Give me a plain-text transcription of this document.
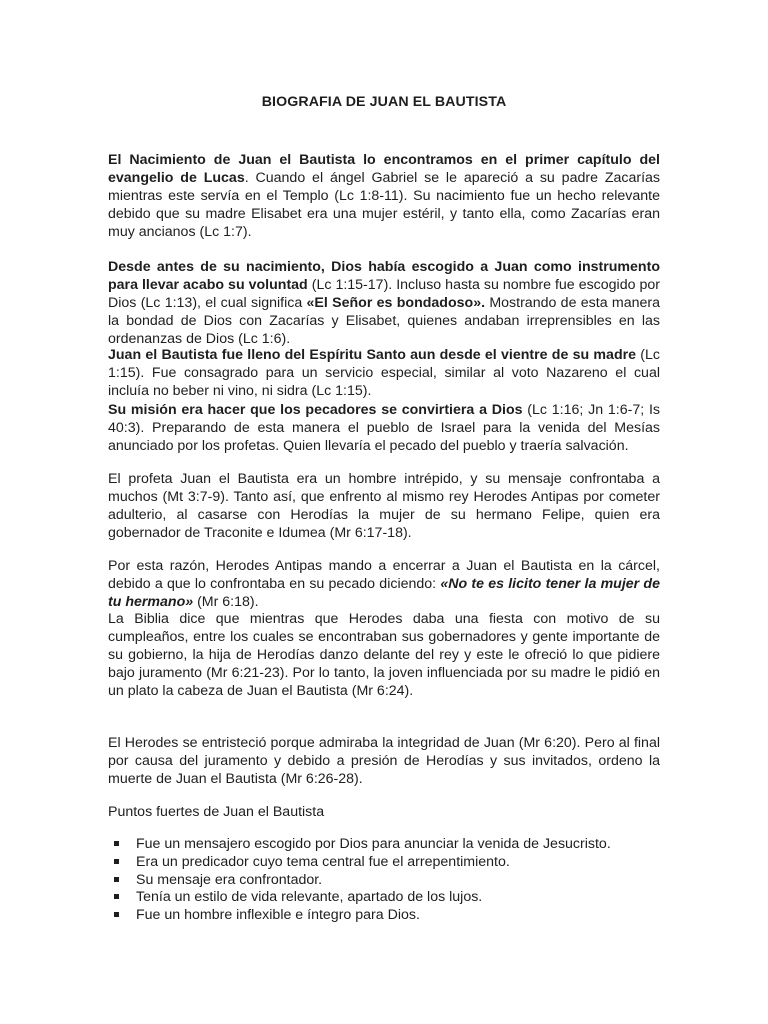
BIOGRAFIA DE JUAN EL BAUTISTA

El Nacimiento de Juan el Bautista lo encontramos en el primer capítulo del evangelio de Lucas. Cuando el ángel Gabriel se le apareció a su padre Zacarías mientras este servía en el Templo (Lc 1:8-11). Su nacimiento fue un hecho relevante debido que su madre Elisabet era una mujer estéril, y tanto ella, como Zacarías eran muy ancianos (Lc 1:7).

Desde antes de su nacimiento, Dios había escogido a Juan como instrumento para llevar acabo su voluntad (Lc 1:15-17). Incluso hasta su nombre fue escogido por Dios (Lc 1:13), el cual significa «El Señor es bondadoso». Mostrando de esta manera la bondad de Dios con Zacarías y Elisabet, quienes andaban irreprensibles en las ordenanzas de Dios (Lc 1:6).

Juan el Bautista fue lleno del Espíritu Santo aun desde el vientre de su madre (Lc 1:15). Fue consagrado para un servicio especial, similar al voto Nazareno el cual incluía no beber ni vino, ni sidra (Lc 1:15).

Su misión era hacer que los pecadores se convirtiera a Dios (Lc 1:16; Jn 1:6-7; Is 40:3). Preparando de esta manera el pueblo de Israel para la venida del Mesías anunciado por los profetas. Quien llevaría el pecado del pueblo y traería salvación.

El profeta Juan el Bautista era un hombre intrépido, y su mensaje confrontaba a muchos (Mt 3:7-9). Tanto así, que enfrento al mismo rey Herodes Antipas por cometer adulterio, al casarse con Herodías la mujer de su hermano Felipe, quien era gobernador de Traconite e Idumea (Mr 6:17-18).

Por esta razón, Herodes Antipas mando a encerrar a Juan el Bautista en la cárcel, debido a que lo confrontaba en su pecado diciendo: «No te es licito tener la mujer de tu hermano» (Mr 6:18).

La Biblia dice que mientras que Herodes daba una fiesta con motivo de su cumpleaños, entre los cuales se encontraban sus gobernadores y gente importante de su gobierno, la hija de Herodías danzo delante del rey y este le ofreció lo que pidiere bajo juramento (Mr 6:21-23). Por lo tanto, la joven influenciada por su madre le pidió en un plato la cabeza de Juan el Bautista (Mr 6:24).

El Herodes se entristeció porque admiraba la integridad de Juan (Mr 6:20). Pero al final por causa del juramento y debido a presión de Herodías y sus invitados, ordeno la muerte de Juan el Bautista (Mr 6:26-28).

Puntos fuertes de Juan el Bautista

Fue un mensajero escogido por Dios para anunciar la venida de Jesucristo.
Era un predicador cuyo tema central fue el arrepentimiento.
Su mensaje era confrontador.
Tenía un estilo de vida relevante, apartado de los lujos.
Fue un hombre inflexible e íntegro para Dios.
